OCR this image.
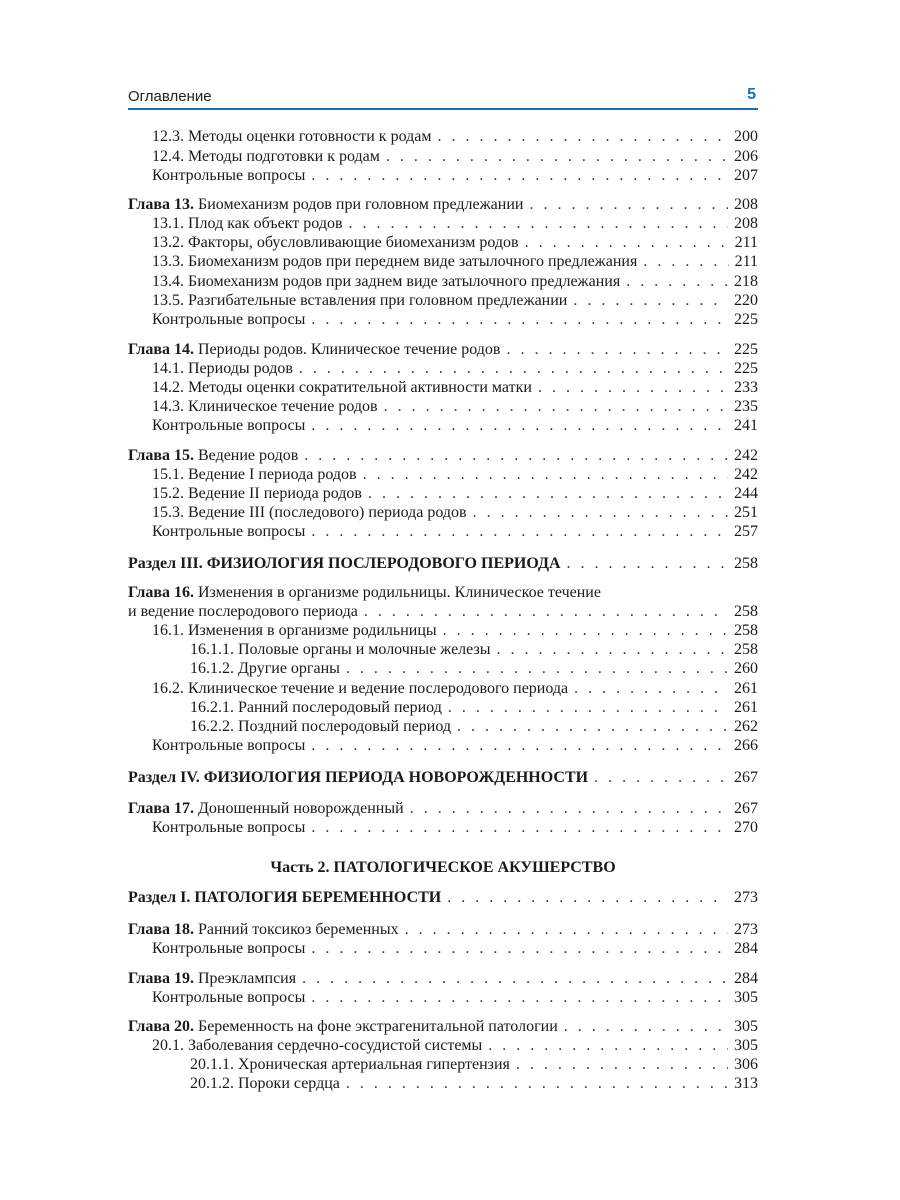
Оглавление	5
Часть 2. ПАТОЛОГИЧЕСКОЕ АКУШЕРСТВО
12.3. Методы оценки готовности к родам . . .	200
12.4. Методы подготовки к родам . . .	206
Контрольные вопросы . . .	207
Глава 13. Биомеханизм родов при головном предлежании . . .	208
13.1. Плод как объект родов . . .	208
13.2. Факторы, обусловливающие биомеханизм родов . . .	211
13.3. Биомеханизм родов при переднем виде затылочного предлежания . . .	211
13.4. Биомеханизм родов при заднем виде затылочного предлежания . . .	218
13.5. Разгибательные вставления при головном предлежании . . .	220
Контрольные вопросы . . .	225
Глава 14. Периоды родов. Клиническое течение родов . . .	225
14.1. Периоды родов . . .	225
14.2. Методы оценки сократительной активности матки . . .	233
14.3. Клиническое течение родов . . .	235
Контрольные вопросы . . .	241
Глава 15. Ведение родов . . .	242
15.1. Ведение I периода родов . . .	242
15.2. Ведение II периода родов . . .	244
15.3. Ведение III (последового) периода родов . . .	251
Контрольные вопросы . . .	257
Раздел III. ФИЗИОЛОГИЯ ПОСЛЕРОДОВОГО ПЕРИОДА . . .	258
Глава 16. Изменения в организме родильницы. Клиническое течение
и ведение послеродового периода . . .	258
16.1. Изменения в организме родильницы . . .	258
16.1.1. Половые органы и молочные железы . . .	258
16.1.2. Другие органы . . .	260
16.2. Клиническое течение и ведение послеродового периода . . .	261
16.2.1. Ранний послеродовый период . . .	261
16.2.2. Поздний послеродовый период . . .	262
Контрольные вопросы . . .	266
Раздел IV. ФИЗИОЛОГИЯ ПЕРИОДА НОВОРОЖДЕННОСТИ . . .	267
Глава 17. Доношенный новорожденный . . .	267
Контрольные вопросы . . .	270
Раздел I. ПАТОЛОГИЯ БЕРЕМЕННОСТИ . . .	273
Глава 18. Ранний токсикоз беременных . . .	273
Контрольные вопросы . . .	284
Глава 19. Преэклампсия . . .	284
Контрольные вопросы . . .	305
Глава 20. Беременность на фоне экстрагенитальной патологии . . .	305
20.1. Заболевания сердечно-сосудистой системы . . .	305
20.1.1. Хроническая артериальная гипертензия . . .	306
20.1.2. Пороки сердца . . .	313
